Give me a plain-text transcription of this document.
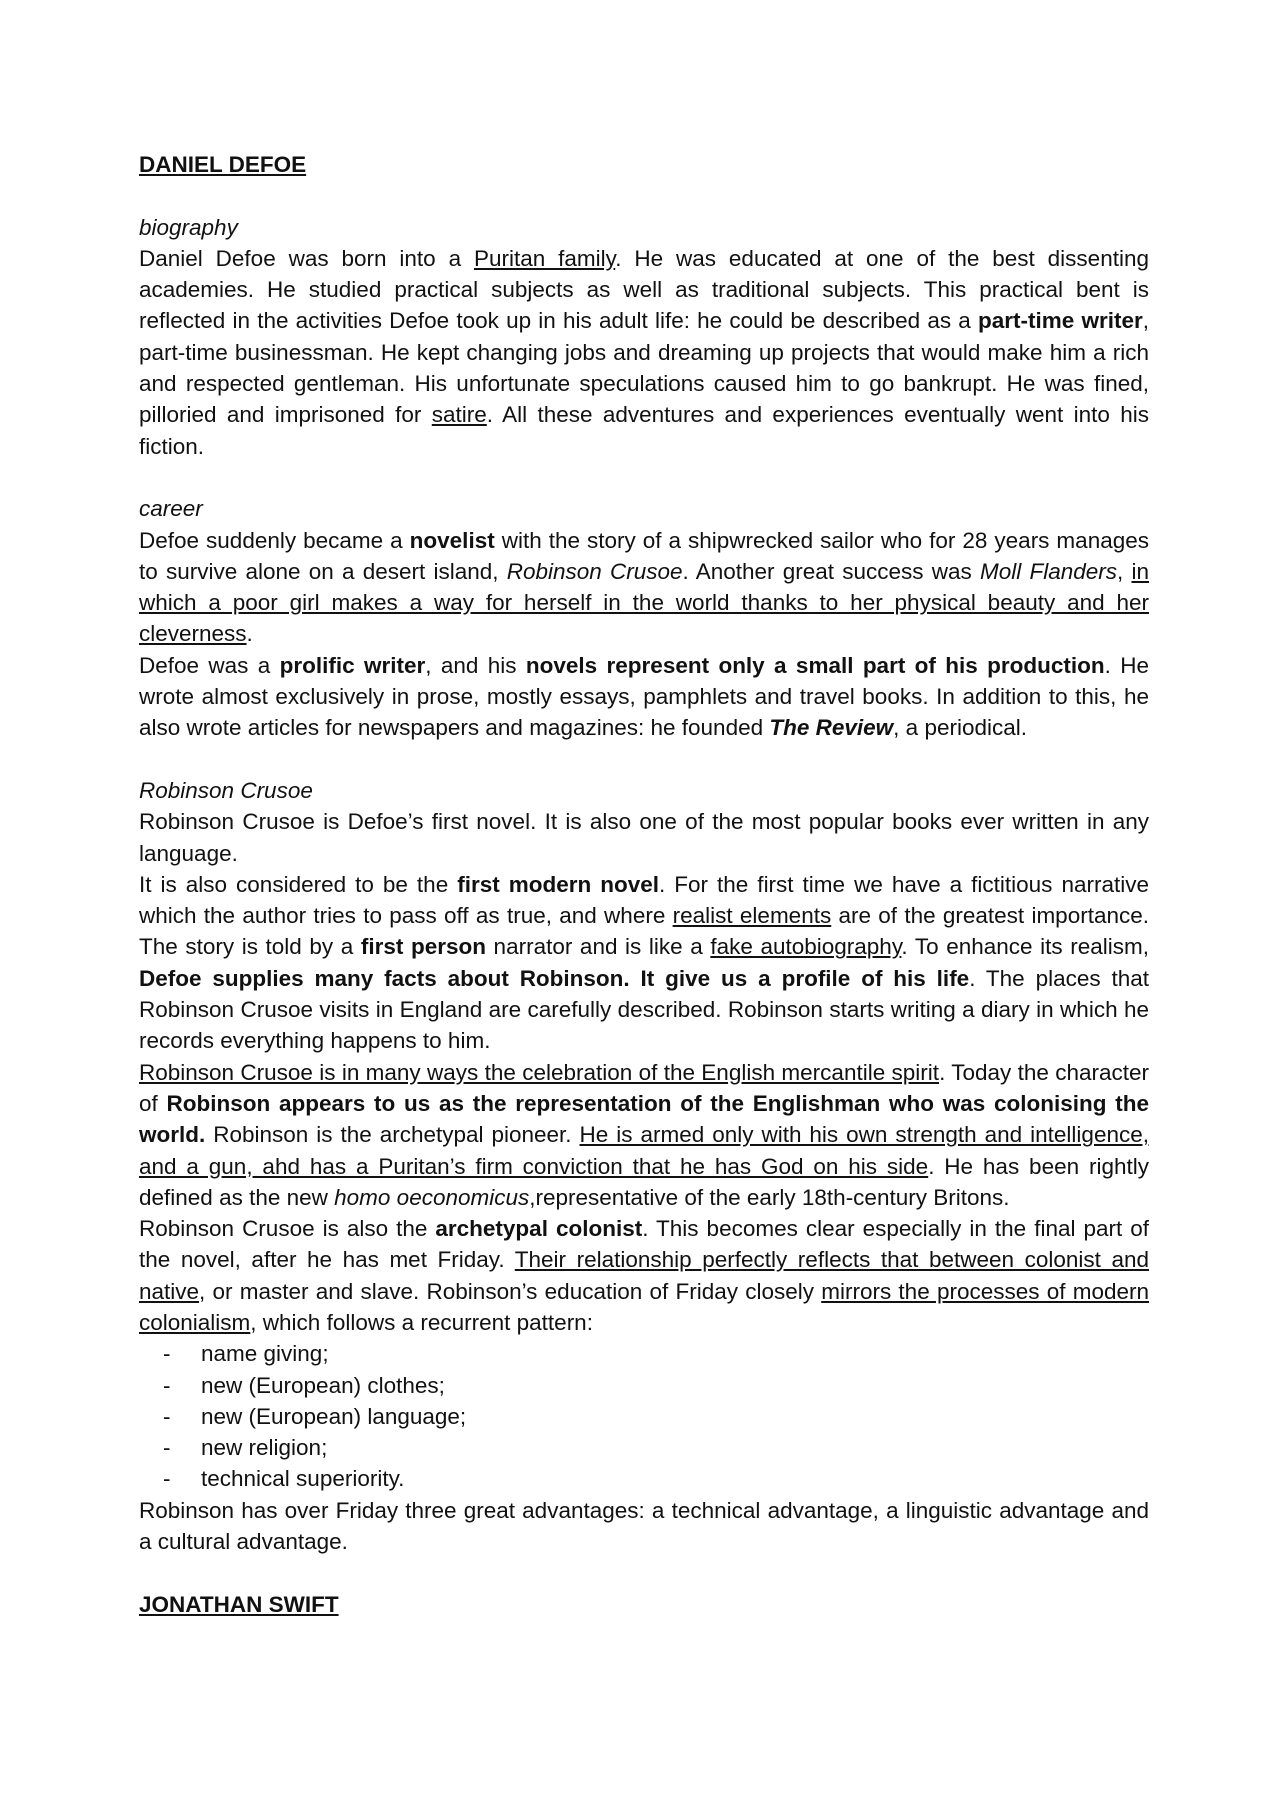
DANIEL DEFOE
biography

Daniel Defoe was born into a Puritan family. He was educated at one of the best dissenting academies. He studied practical subjects as well as traditional subjects. This practical bent is reflected in the activities Defoe took up in his adult life: he could be described as a part-time writer, part-time businessman. He kept changing jobs and dreaming up projects that would make him a rich and respected gentleman. His unfortunate speculations caused him to go bankrupt. He was fined, pilloried and imprisoned for satire. All these adventures and experiences eventually went into his fiction.

career

Defoe suddenly became a novelist with the story of a shipwrecked sailor who for 28 years manages to survive alone on a desert island, Robinson Crusoe. Another great success was Moll Flanders, in which a poor girl makes a way for herself in the world thanks to her physical beauty and her cleverness.

Defoe was a prolific writer, and his novels represent only a small part of his production. He wrote almost exclusively in prose, mostly essays, pamphlets and travel books. In addition to this, he also wrote articles for newspapers and magazines: he founded The Review, a periodical.

Robinson Crusoe

Robinson Crusoe is Defoe’s first novel. It is also one of the most popular books ever written in any language.

It is also considered to be the first modern novel. For the first time we have a fictitious narrative which the author tries to pass off as true, and where realist elements are of the greatest importance. The story is told by a first person narrator and is like a fake autobiography. To enhance its realism, Defoe supplies many facts about Robinson. It give us a profile of his life. The places that Robinson Crusoe visits in England are carefully described. Robinson starts writing a diary in which he records everything happens to him.

Robinson Crusoe is in many ways the celebration of the English mercantile spirit. Today the character of Robinson appears to us as the representation of the Englishman who was colonising the world. Robinson is the archetypal pioneer. He is armed only with his own strength and intelligence, and a gun, ahd has a Puritan’s firm conviction that he has God on his side. He has been rightly defined as the new homo oeconomicus,representative of the early 18th-century Britons.

Robinson Crusoe is also the archetypal colonist. This becomes clear especially in the final part of the novel, after he has met Friday. Their relationship perfectly reflects that between colonist and native, or master and slave. Robinson’s education of Friday closely mirrors the processes of modern colonialism, which follows a recurrent pattern:

- name giving;
- new (European) clothes;
- new (European) language;
- new religion;
- technical superiority.

Robinson has over Friday three great advantages: a technical advantage, a linguistic advantage and a cultural advantage.

JONATHAN SWIFT
